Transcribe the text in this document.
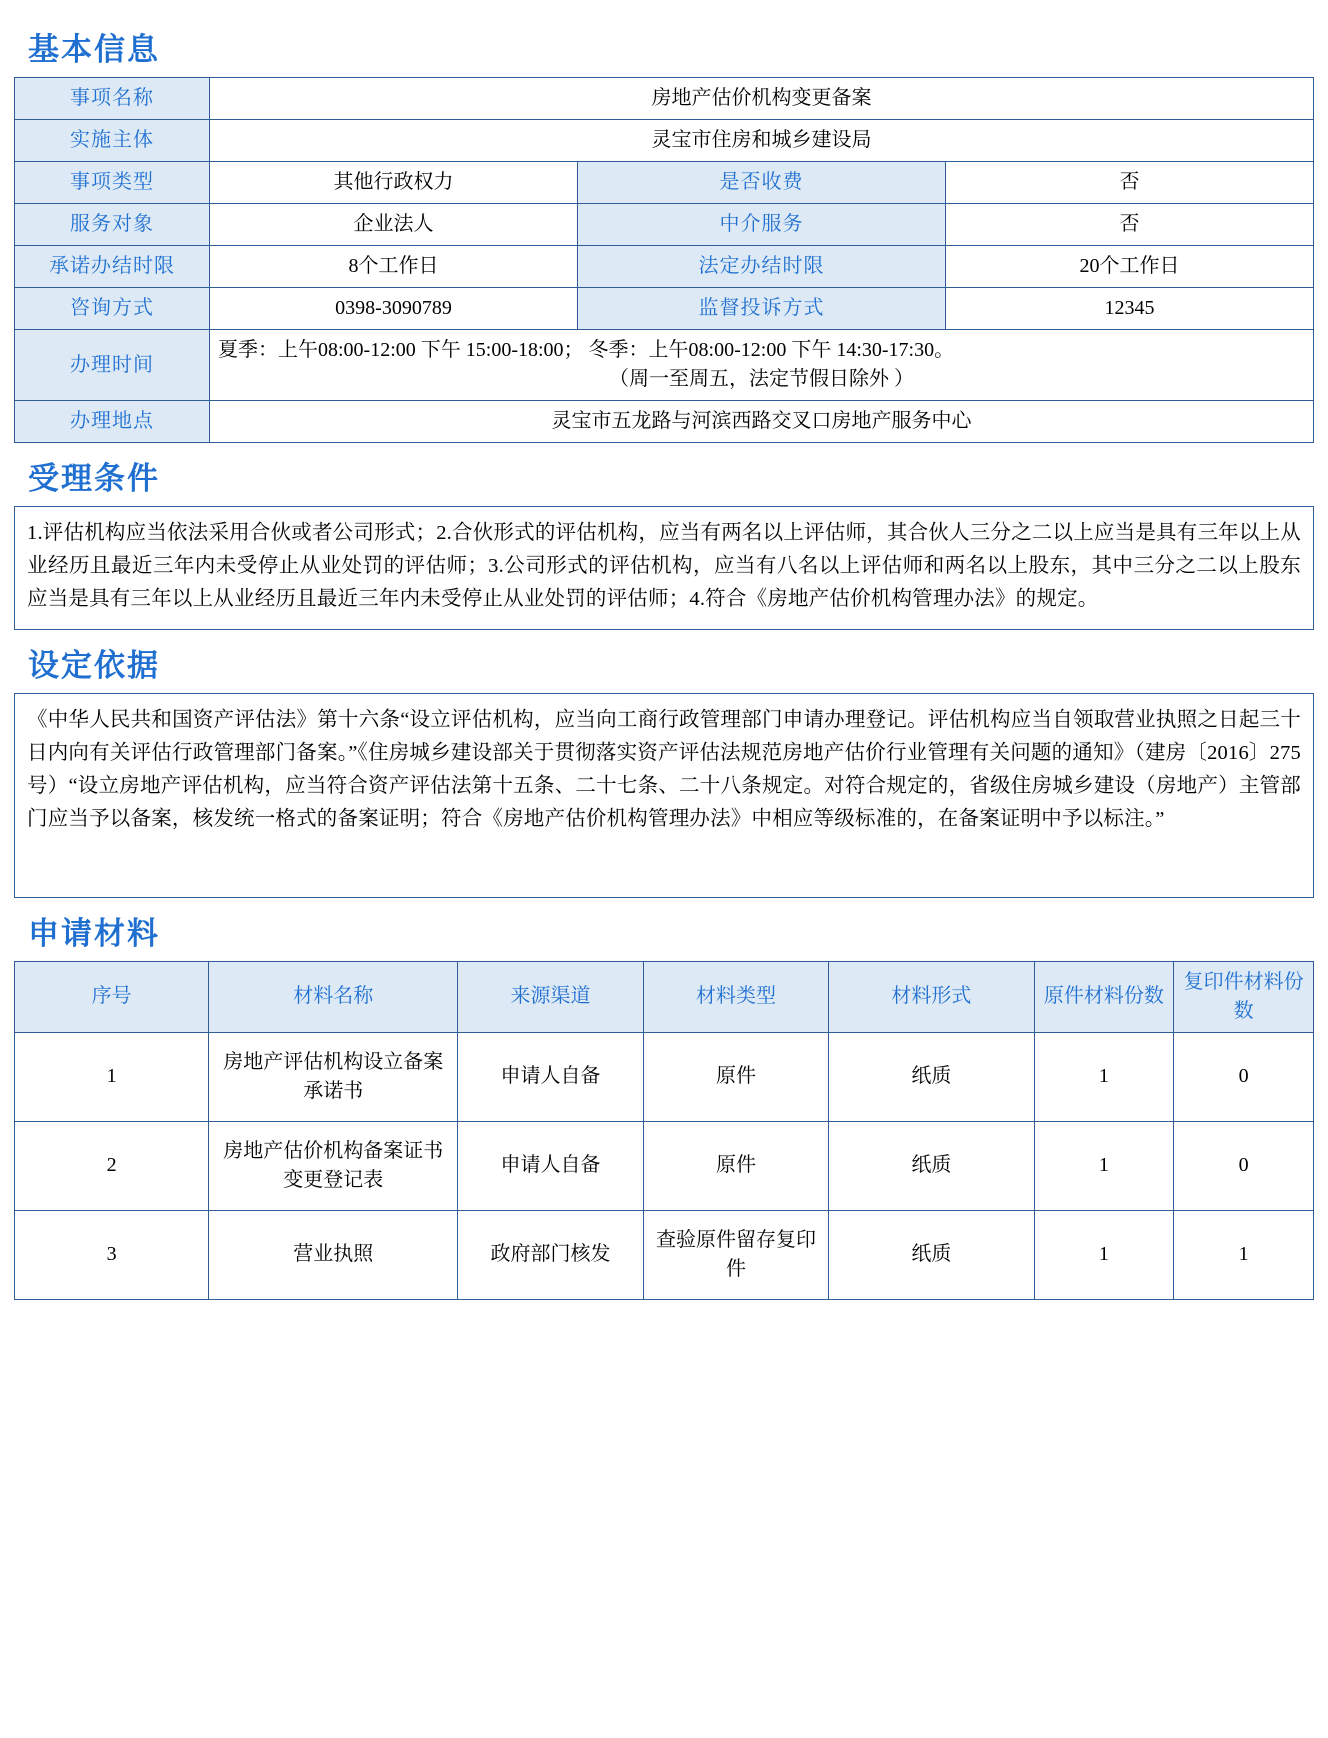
基本信息
事项名称	房地产估价机构变更备案		
实施主体	灵宝市住房和城乡建设局		
事项类型	其他行政权力	是否收费	否
服务对象	企业法人	中介服务	否
承诺办结时限	8个工作日	法定办结时限	20个工作日
咨询方式	0398-3090789	监督投诉方式	12345
办理时间	夏季：上午08:00-12:00 下午 15:00-18:00； 冬季：上午08:00-12:00 下午 14:30-17:30。
（周一至周五，法定节假日除外 ）		

办理地点	灵宝市五龙路与河滨西路交叉口房地产服务中心		
受理条件
1.评估机构应当依法采用合伙或者公司形式；2.合伙形式的评估机构，应当有两名以上评估师，其合伙人三分之二以上应当是具有三年以上从业经历且最近三年内未受停止从业处罚的评估师；3.公司形式的评估机构，应当有八名以上评估师和两名以上股东，其中三分之二以上股东应当是具有三年以上从业经历且最近三年内未受停止从业处罚的评估师；4.符合《房地产估价机构管理办法》的规定。
设定依据
《中华人民共和国资产评估法》第十六条“设立评估机构，应当向工商行政管理部门申请办理登记。评估机构应当自领取营业执照之日起三十日内向有关评估行政管理部门备案。”《住房城乡建设部关于贯彻落实资产评估法规范房地产估价行业管理有关问题的通知》（建房〔2016〕275号）“设立房地产评估机构，应当符合资产评估法第十五条、二十七条、二十八条规定。对符合规定的，省级住房城乡建设（房地产）主管部门应当予以备案，核发统一格式的备案证明；符合《房地产估价机构管理办法》中相应等级标准的，在备案证明中予以标注。”
申请材料
序号	材料名称	来源渠道	材料类型	材料形式	原件材料份数	复印件材料份数
1	房地产评估机构设立备案承诺书	申请人自备	原件	纸质	1	0
2	房地产估价机构备案证书变更登记表	申请人自备	原件	纸质	1	0
3	营业执照	政府部门核发	查验原件留存复印件	纸质	1	1
